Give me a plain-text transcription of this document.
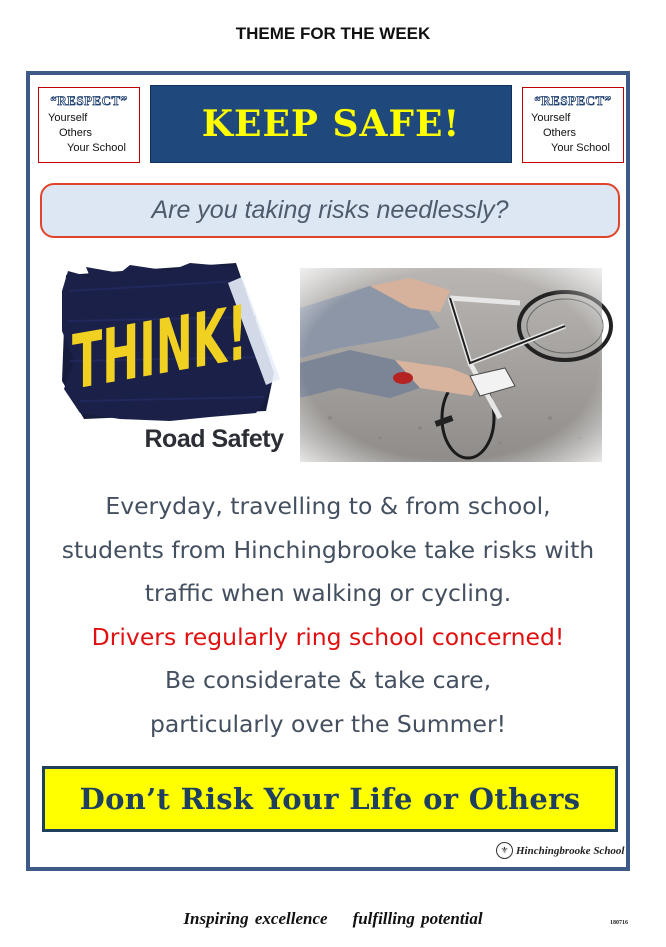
THEME FOR THE WEEK
“RESPECT”
Yourself
Others
Your School
KEEP SAFE!
“RESPECT”
Yourself
Others
Your School
Are you taking risks needlessly?
THINK!
Road Safety
Everyday, travelling to & from school,
students from Hinchingbrooke take risks with
traffic when walking or cycling.
Drivers regularly ring school concerned!
Be considerate & take care,
particularly over the Summer!
Don’t Risk Your Life or Others
⚜ Hinchingbrooke School
Inspiring excellence    fulfilling potential	180716
